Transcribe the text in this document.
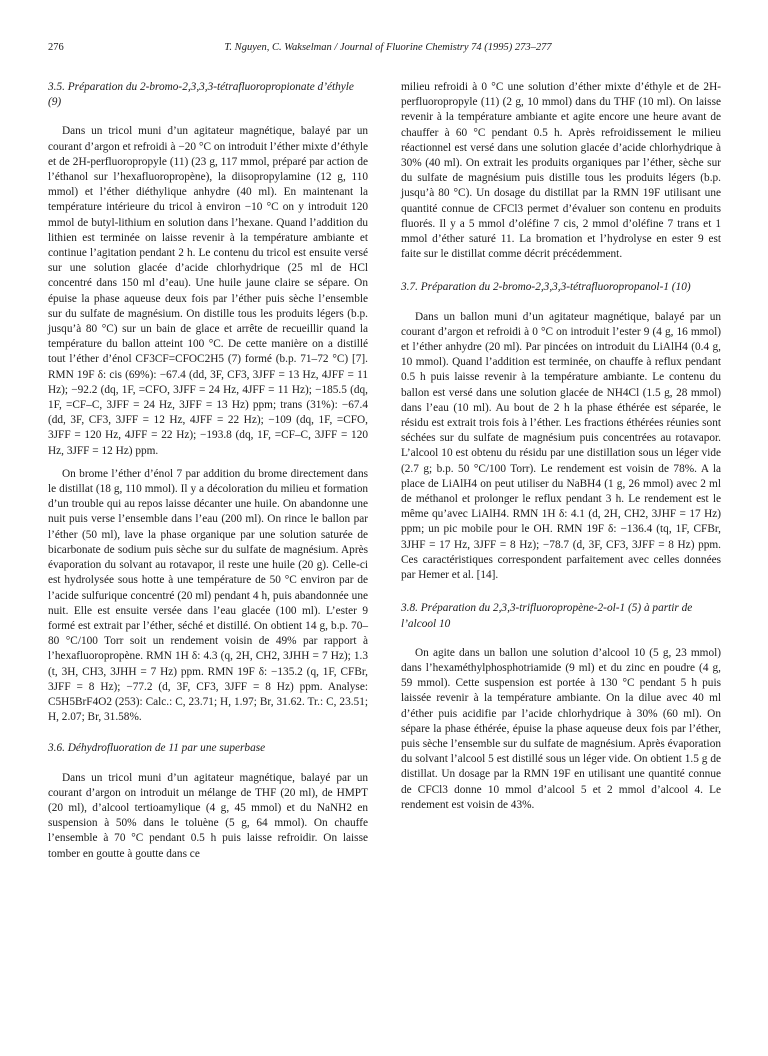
276	T. Nguyen, C. Wakselman / Journal of Fluorine Chemistry 74 (1995) 273–277
3.5. Préparation du 2-bromo-2,3,3,3-tétrafluoropropionate d’éthyle (9)

Dans un tricol muni d’un agitateur magnétique, balayé par un courant d’argon et refroidi à −20 °C on introduit l’éther mixte d’éthyle et de 2H-perfluoropropyle (11) (23 g, 117 mmol, préparé par action de l’éthanol sur l’hexafluoropropène), la diisopropylamine (12 g, 110 mmol) et l’éther diéthylique anhydre (40 ml). En maintenant la température intérieure du tricol à environ −10 °C on y introduit 120 mmol de butyl-lithium en solution dans l’hexane. Quand l’addition du lithien est terminée on laisse revenir à la température ambiante et continue l’agitation pendant 2 h. Le contenu du tricol est ensuite versé sur une solution glacée d’acide chlorhydrique (25 ml de HCl concentré dans 150 ml d’eau). Une huile jaune claire se sépare. On épuise la phase aqueuse deux fois par l’éther puis sèche l’ensemble sur du sulfate de magnésium. On distille tous les produits légers (b.p. jusqu’à 80 °C) sur un bain de glace et arrête de recueillir quand la température du ballon atteint 100 °C. De cette manière on a distillé tout l’éther d’énol CF3CF=CFOC2H5 (7) formé (b.p. 71–72 °C) [7]. RMN 19F δ: cis (69%): −67.4 (dd, 3F, CF3, 3JFF = 13 Hz, 4JFF = 11 Hz); −92.2 (dq, 1F, =CFO, 3JFF = 24 Hz, 4JFF = 11 Hz); −185.5 (dq, 1F, =CF–C, 3JFF = 24 Hz, 3JFF = 13 Hz) ppm; trans (31%): −67.4 (dd, 3F, CF3, 3JFF = 12 Hz, 4JFF = 22 Hz); −109 (dq, 1F, =CFO, 3JFF = 120 Hz, 4JFF = 22 Hz); −193.8 (dq, 1F, =CF–C, 3JFF = 120 Hz, 3JFF = 12 Hz) ppm.

On brome l’éther d’énol 7 par addition du brome directement dans le distillat (18 g, 110 mmol). Il y a décoloration du milieu et formation d’un trouble qui au repos laisse décanter une huile. On abandonne une nuit puis verse l’ensemble dans l’eau (200 ml). On rince le ballon par l’éther (50 ml), lave la phase organique par une solution saturée de bicarbonate de sodium puis sèche sur du sulfate de magnésium. Après évaporation du solvant au rotavapor, il reste une huile (20 g). Celle-ci est hydrolysée sous hotte à une température de 50 °C environ par de l’acide sulfurique concentré (20 ml) pendant 4 h, puis abandonnée une nuit. Elle est ensuite versée dans l’eau glacée (100 ml). L’ester 9 formé est extrait par l’éther, séché et distillé. On obtient 14 g, b.p. 70–80 °C/100 Torr soit un rendement voisin de 49% par rapport à l’hexafluoropropène. RMN 1H δ: 4.3 (q, 2H, CH2, 3JHH = 7 Hz); 1.3 (t, 3H, CH3, 3JHH = 7 Hz) ppm. RMN 19F δ: −135.2 (q, 1F, CFBr, 3JFF = 8 Hz); −77.2 (d, 3F, CF3, 3JFF = 8 Hz) ppm. Analyse: C5H5BrF4O2 (253): Calc.: C, 23.71; H, 1.97; Br, 31.62. Tr.: C, 23.51; H, 2.07; Br, 31.58%.

3.6. Déhydrofluoration de 11 par une superbase

Dans un tricol muni d’un agitateur magnétique, balayé par un courant d’argon on introduit un mélange de THF (20 ml), de HMPT (20 ml), d’alcool tertioamylique (4 g, 45 mmol) et du NaNH2 en suspension à 50% dans le toluène (5 g, 64 mmol). On chauffe l’ensemble à 70 °C pendant 0.5 h puis laisse refroidir. On laisse tomber en goutte à goutte dans ce

milieu refroidi à 0 °C une solution d’éther mixte d’éthyle et de 2H-perfluoropropyle (11) (2 g, 10 mmol) dans du THF (10 ml). On laisse revenir à la température ambiante et agite encore une heure avant de chauffer à 60 °C pendant 0.5 h. Après refroidissement le milieu réactionnel est versé dans une solution glacée d’acide chlorhydrique à 30% (40 ml). On extrait les produits organiques par l’éther, sèche sur du sulfate de magnésium puis distille tous les produits légers (b.p. jusqu’à 80 °C). Un dosage du distillat par la RMN 19F utilisant une quantité connue de CFCl3 permet d’évaluer son contenu en produits fluorés. Il y a 5 mmol d’oléfine 7 cis, 2 mmol d’oléfine 7 trans et 1 mmol d’éther saturé 11. La bromation et l’hydrolyse en ester 9 est faite sur le distillat comme décrit précédemment.

3.7. Préparation du 2-bromo-2,3,3,3-tétrafluoropropanol-1 (10)

Dans un ballon muni d’un agitateur magnétique, balayé par un courant d’argon et refroidi à 0 °C on introduit l’ester 9 (4 g, 16 mmol) et l’éther anhydre (20 ml). Par pincées on introduit du LiAlH4 (0.4 g, 10 mmol). Quand l’addition est terminée, on chauffe à reflux pendant 0.5 h puis laisse revenir à la température ambiante. Le contenu du ballon est versé dans une solution glacée de NH4Cl (1.5 g, 28 mmol) dans l’eau (10 ml). Au bout de 2 h la phase éthérée est séparée, le résidu est extrait trois fois à l’éther. Les fractions éthérées réunies sont séchées sur du sulfate de magnésium puis concentrées au rotavapor. L’alcool 10 est obtenu du résidu par une distillation sous un léger vide (2.7 g; b.p. 50 °C/100 Torr). Le rendement est voisin de 78%. A la place de LiAlH4 on peut utiliser du NaBH4 (1 g, 26 mmol) avec 2 ml de méthanol et prolonger le reflux pendant 3 h. Le rendement est le même qu’avec LiAlH4. RMN 1H δ: 4.1 (d, 2H, CH2, 3JHF = 17 Hz) ppm; un pic mobile pour le OH. RMN 19F δ: −136.4 (tq, 1F, CFBr, 3JHF = 17 Hz, 3JFF = 8 Hz); −78.7 (d, 3F, CF3, 3JFF = 8 Hz) ppm. Ces caractéristiques correspondent parfaitement avec celles données par Hemer et al. [14].

3.8. Préparation du 2,3,3-trifluoropropène-2-ol-1 (5) à partir de l’alcool 10

On agite dans un ballon une solution d’alcool 10 (5 g, 23 mmol) dans l’hexaméthylphosphotriamide (9 ml) et du zinc en poudre (4 g, 59 mmol). Cette suspension est portée à 130 °C pendant 5 h puis laissée revenir à la température ambiante. On la dilue avec 40 ml d’éther puis acidifie par l’acide chlorhydrique à 30% (60 ml). On sépare la phase éthérée, épuise la phase aqueuse deux fois par l’éther, puis sèche l’ensemble sur du sulfate de magnésium. Après évaporation du solvant l’alcool 5 est distillé sous un léger vide. On obtient 1.5 g de distillat. Un dosage par la RMN 19F en utilisant une quantité connue de CFCl3 donne 10 mmol d’alcool 5 et 2 mmol d’alcool 4. Le rendement est voisin de 43%.
